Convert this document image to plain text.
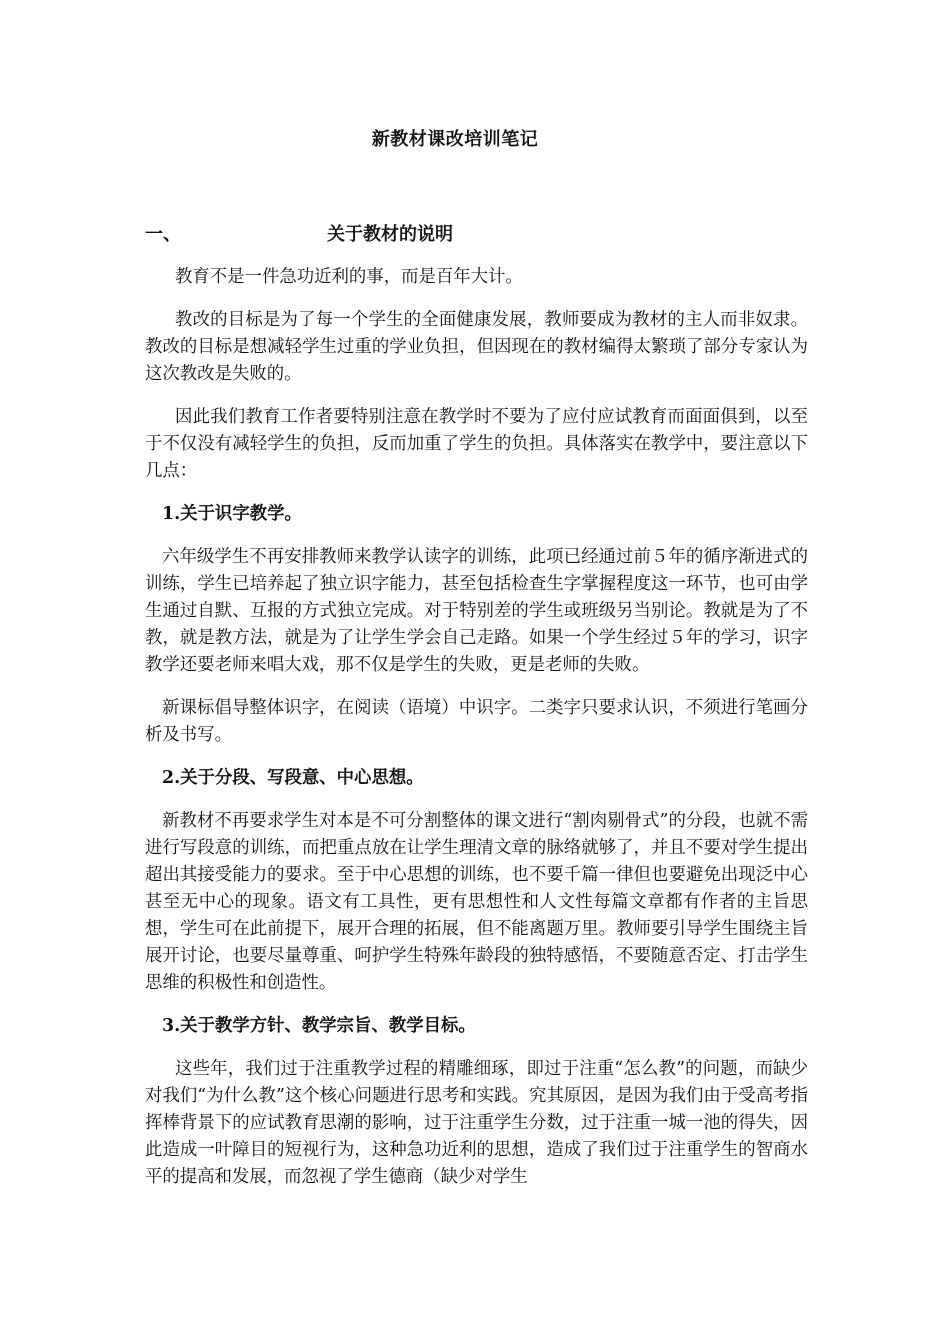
新教材课改培训笔记
一、	关于教材的说明

教育不是一件急功近利的事，而是百年大计。

教改的目标是为了每一个学生的全面健康发展，教师要成为教材的主人而非奴隶。教改的目标是想减轻学生过重的学业负担，但因现在的教材编得太繁琐了部分专家认为这次教改是失败的。

因此我们教育工作者要特别注意在教学时不要为了应付应试教育而面面俱到，以至于不仅没有减轻学生的负担，反而加重了学生的负担。具体落实在教学中，要注意以下几点：

1.关于识字教学。

六年级学生不再安排教师来教学认读字的训练，此项已经通过前５年的循序渐进式的训练，学生已培养起了独立识字能力，甚至包括检查生字掌握程度这一环节，也可由学生通过自默、互报的方式独立完成。对于特别差的学生或班级另当别论。教就是为了不教，就是教方法，就是为了让学生学会自己走路。如果一个学生经过５年的学习，识字教学还要老师来唱大戏，那不仅是学生的失败，更是老师的失败。

新课标倡导整体识字，在阅读（语境）中识字。二类字只要求认识，不须进行笔画分析及书写。

2.关于分段、写段意、中心思想。

新教材不再要求学生对本是不可分割整体的课文进行“割肉剔骨式”的分段，也就不需进行写段意的训练，而把重点放在让学生理清文章的脉络就够了，并且不要对学生提出超出其接受能力的要求。至于中心思想的训练，也不要千篇一律但也要避免出现泛中心甚至无中心的现象。语文有工具性，更有思想性和人文性每篇文章都有作者的主旨思想，学生可在此前提下，展开合理的拓展，但不能离题万里。教师要引导学生围绕主旨展开讨论，也要尽量尊重、呵护学生特殊年龄段的独特感悟，不要随意否定、打击学生思维的积极性和创造性。

3.关于教学方针、教学宗旨、教学目标。

这些年，我们过于注重教学过程的精雕细琢，即过于注重“怎么教”的问题，而缺少对我们“为什么教”这个核心问题进行思考和实践。究其原因，是因为我们由于受高考指挥棒背景下的应试教育思潮的影响，过于注重学生分数，过于注重一城一池的得失，因此造成一叶障目的短视行为，这种急功近利的思想，造成了我们过于注重学生的智商水平的提高和发展，而忽视了学生德商（缺少对学生
